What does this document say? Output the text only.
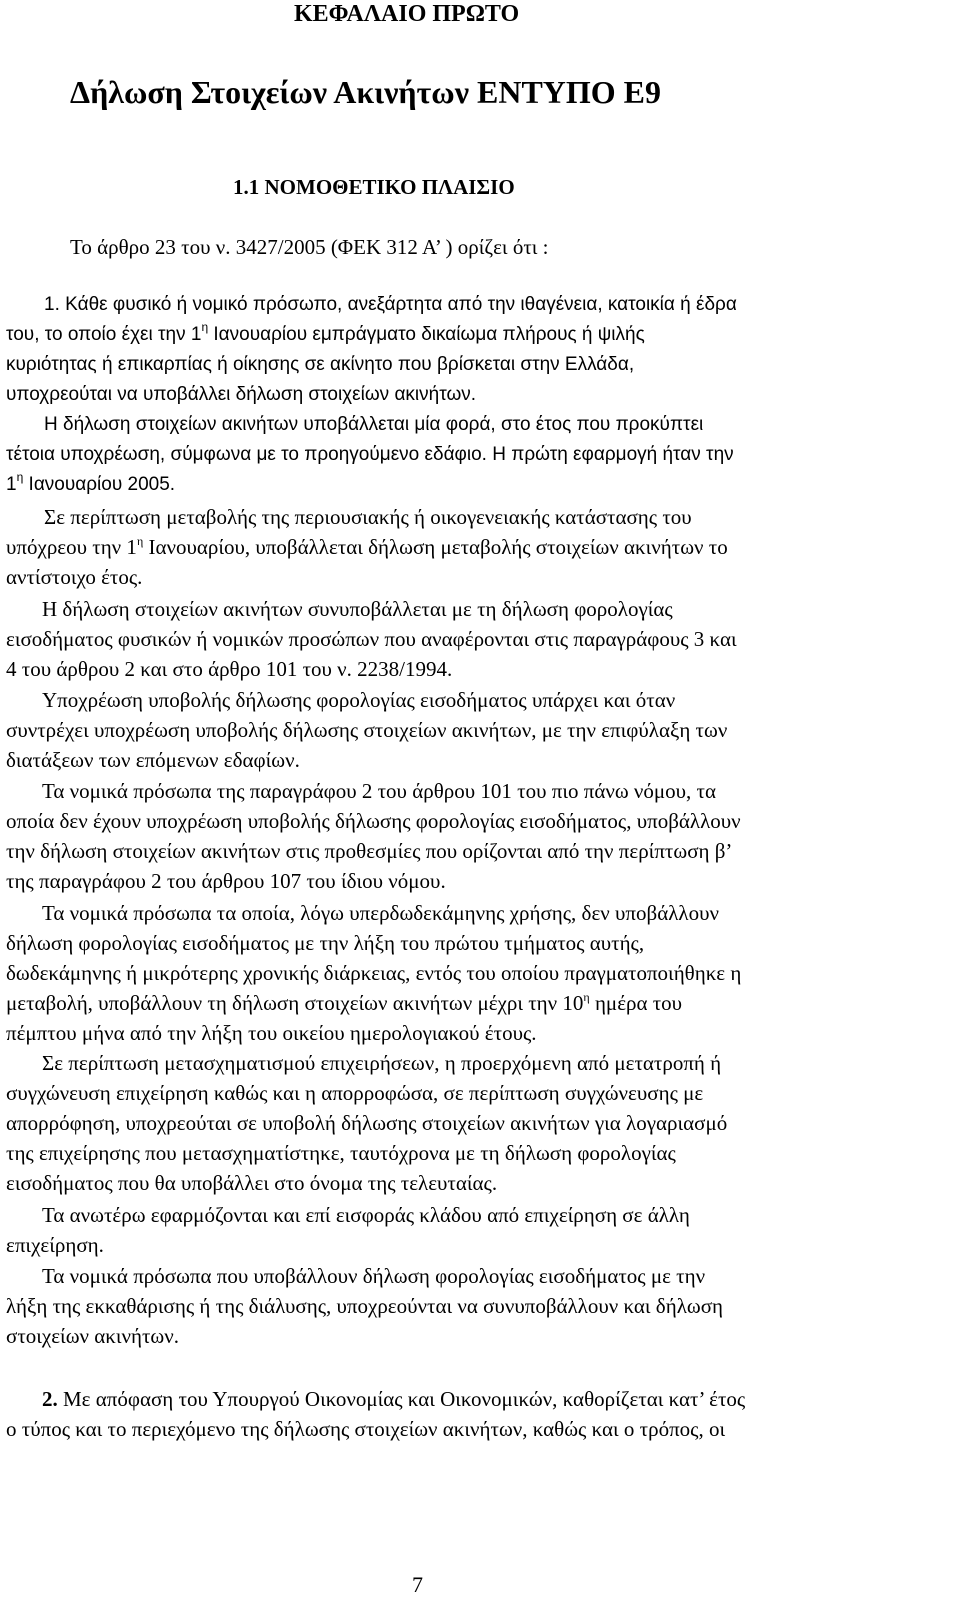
ΚΕΦΑΛΑΙΟ ΠΡΩΤΟ
Δήλωση Στοιχείων Ακινήτων ΕΝΤΥΠΟ Ε9
1.1 ΝΟΜΟΘΕΤΙΚΟ ΠΛΑΙΣΙΟ
Το άρθρο 23 του ν. 3427/2005 (ΦΕΚ 312 Α’ ) ορίζει ότι :
1. Κάθε φυσικό ή νομικό πρόσωπο, ανεξάρτητα από την ιθαγένεια, κατοικία ή έδρα
του, το οποίο έχει την $1^\eta$ Ιανουαρίου εμπράγματο δικαίωμα πλήρους ή ψιλής
κυριότητας ή επικαρπίας ή οίκησης σε ακίνητο που βρίσκεται στην Ελλάδα,
υποχρεούται να υποβάλλει δήλωση στοιχείων ακινήτων.
Η δήλωση στοιχείων ακινήτων υποβάλλεται μία φορά, στο έτος που προκύπτει
τέτοια υποχρέωση, σύμφωνα με το προηγούμενο εδάφιο. Η πρώτη εφαρμογή ήταν την
$1^\eta$ Ιανουαρίου 2005.
Σε περίπτωση μεταβολής της περιουσιακής ή οικογενειακής κατάστασης του
υπόχρεου την $1^\eta$ Ιανουαρίου, υποβάλλεται δήλωση μεταβολής στοιχείων ακινήτων το
αντίστοιχο έτος.
Η δήλωση στοιχείων ακινήτων συνυποβάλλεται με τη δήλωση φορολογίας
εισοδήματος φυσικών ή νομικών προσώπων που αναφέρονται στις παραγράφους 3 και
4 του άρθρου 2 και στο άρθρο 101 του ν. 2238/1994.
Υποχρέωση υποβολής δήλωσης φορολογίας εισοδήματος υπάρχει και όταν
συντρέχει υποχρέωση υποβολής δήλωσης στοιχείων ακινήτων, με την επιφύλαξη των
διατάξεων των επόμενων εδαφίων.
Τα νομικά πρόσωπα της παραγράφου 2 του άρθρου 101 του πιο πάνω νόμου, τα
οποία δεν έχουν υποχρέωση υποβολής δήλωσης φορολογίας εισοδήματος, υποβάλλουν
την δήλωση στοιχείων ακινήτων στις προθεσμίες που ορίζονται από την περίπτωση β’
της παραγράφου 2 του άρθρου 107 του ίδιου νόμου.
Τα νομικά πρόσωπα τα οποία, λόγω υπερδωδεκάμηνης χρήσης, δεν υποβάλλουν
δήλωση φορολογίας εισοδήματος με την λήξη του πρώτου τμήματος αυτής,
δωδεκάμηνης ή μικρότερης χρονικής διάρκειας, εντός του οποίου πραγματοποιήθηκε η
μεταβολή, υποβάλλουν τη δήλωση στοιχείων ακινήτων μέχρι την $10^\eta$ ημέρα του
πέμπτου μήνα από την λήξη του οικείου ημερολογιακού έτους.
Σε περίπτωση μετασχηματισμού επιχειρήσεων, η προερχόμενη από μετατροπή ή
συγχώνευση επιχείρηση καθώς και η απορροφώσα, σε περίπτωση συγχώνευσης με
απορρόφηση, υποχρεούται σε υποβολή δήλωσης στοιχείων ακινήτων για λογαριασμό
της επιχείρησης που μετασχηματίστηκε, ταυτόχρονα με τη δήλωση φορολογίας
εισοδήματος που θα υποβάλλει στο όνομα της τελευταίας.
Τα ανωτέρω εφαρμόζονται και επί εισφοράς κλάδου από επιχείρηση σε άλλη
επιχείρηση.
Τα νομικά πρόσωπα που υποβάλλουν δήλωση φορολογίας εισοδήματος με την
λήξη της εκκαθάρισης ή της διάλυσης, υποχρεούνται να συνυποβάλλουν και δήλωση
στοιχείων ακινήτων.
2. Με απόφαση του Υπουργού Οικονομίας και Οικονομικών, καθορίζεται κατ’ έτος
ο τύπος και το περιεχόμενο της δήλωσης στοιχείων ακινήτων, καθώς και ο τρόπος, οι
7
